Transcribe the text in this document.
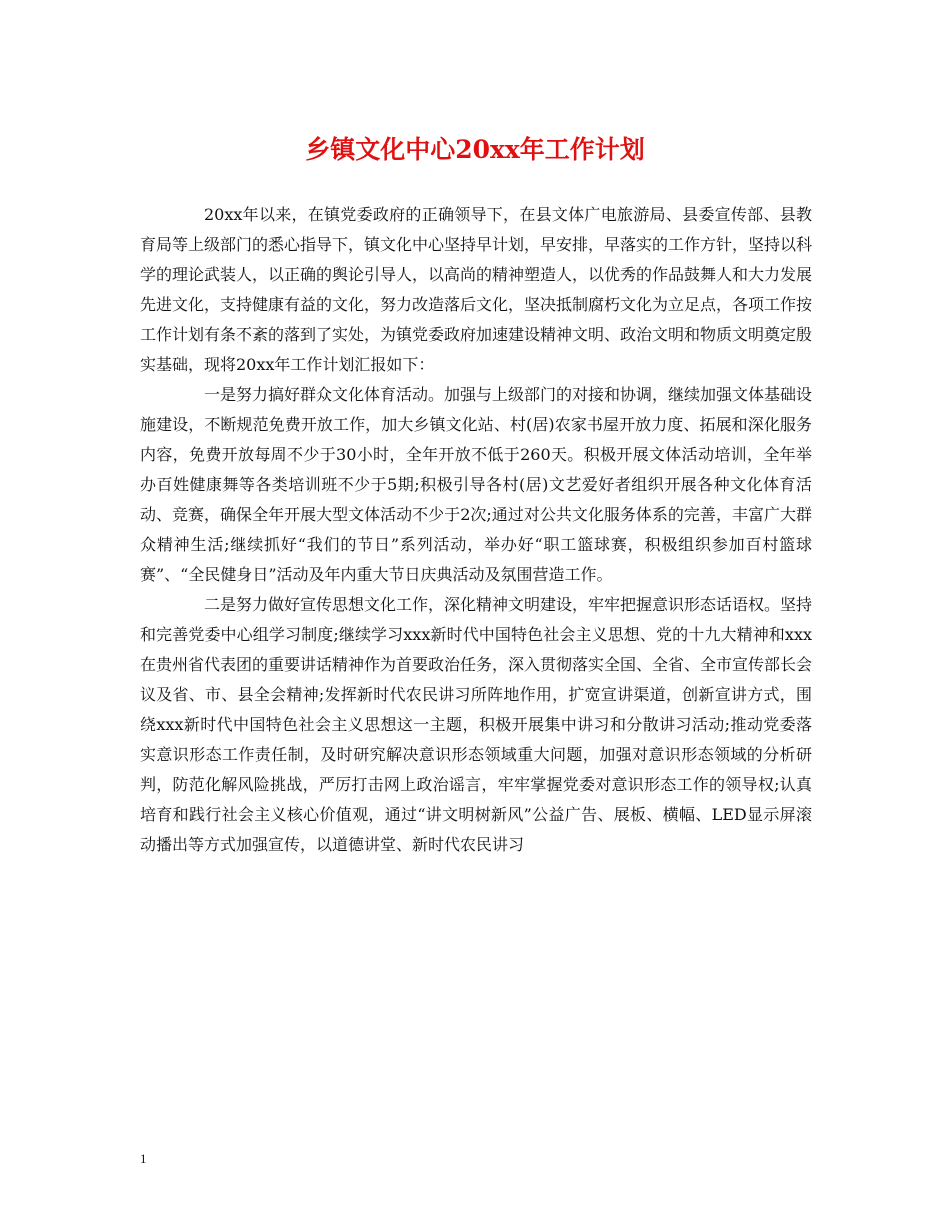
乡镇文化中心20xx年工作计划

20xx年以来，在镇党委政府的正确领导下，在县文体广电旅游局、县委宣传部、县教育局等上级部门的悉心指导下，镇文化中心坚持早计划，早安排，早落实的工作方针，坚持以科学的理论武装人，以正确的舆论引导人，以高尚的精神塑造人，以优秀的作品鼓舞人和大力发展先进文化，支持健康有益的文化，努力改造落后文化，坚决抵制腐朽文化为立足点，各项工作按工作计划有条不紊的落到了实处，为镇党委政府加速建设精神文明、政治文明和物质文明奠定殷实基础，现将20xx年工作计划汇报如下：

一是努力搞好群众文化体育活动。加强与上级部门的对接和协调，继续加强文体基础设施建设，不断规范免费开放工作，加大乡镇文化站、村(居)农家书屋开放力度、拓展和深化服务内容，免费开放每周不少于30小时，全年开放不低于260天。积极开展文体活动培训，全年举办百姓健康舞等各类培训班不少于5期;积极引导各村(居)文艺爱好者组织开展各种文化体育活动、竞赛，确保全年开展大型文体活动不少于2次;通过对公共文化服务体系的完善，丰富广大群众精神生活;继续抓好“我们的节日”系列活动，举办好“职工篮球赛，积极组织参加百村篮球赛”、“全民健身日”活动及年内重大节日庆典活动及氛围营造工作。

二是努力做好宣传思想文化工作，深化精神文明建设，牢牢把握意识形态话语权。坚持和完善党委中心组学习制度;继续学习xxx新时代中国特色社会主义思想、党的十九大精神和xxx在贵州省代表团的重要讲话精神作为首要政治任务，深入贯彻落实全国、全省、全市宣传部长会议及省、市、县全会精神;发挥新时代农民讲习所阵地作用，扩宽宣讲渠道，创新宣讲方式，围绕xxx新时代中国特色社会主义思想这一主题，积极开展集中讲习和分散讲习活动;推动党委落实意识形态工作责任制，及时研究解决意识形态领域重大问题，加强对意识形态领域的分析研判，防范化解风险挑战，严厉打击网上政治谣言，牢牢掌握党委对意识形态工作的领导权;认真培育和践行社会主义核心价值观，通过“讲文明树新风”公益广告、展板、横幅、LED显示屏滚动播出等方式加强宣传，以道德讲堂、新时代农民讲习

1
